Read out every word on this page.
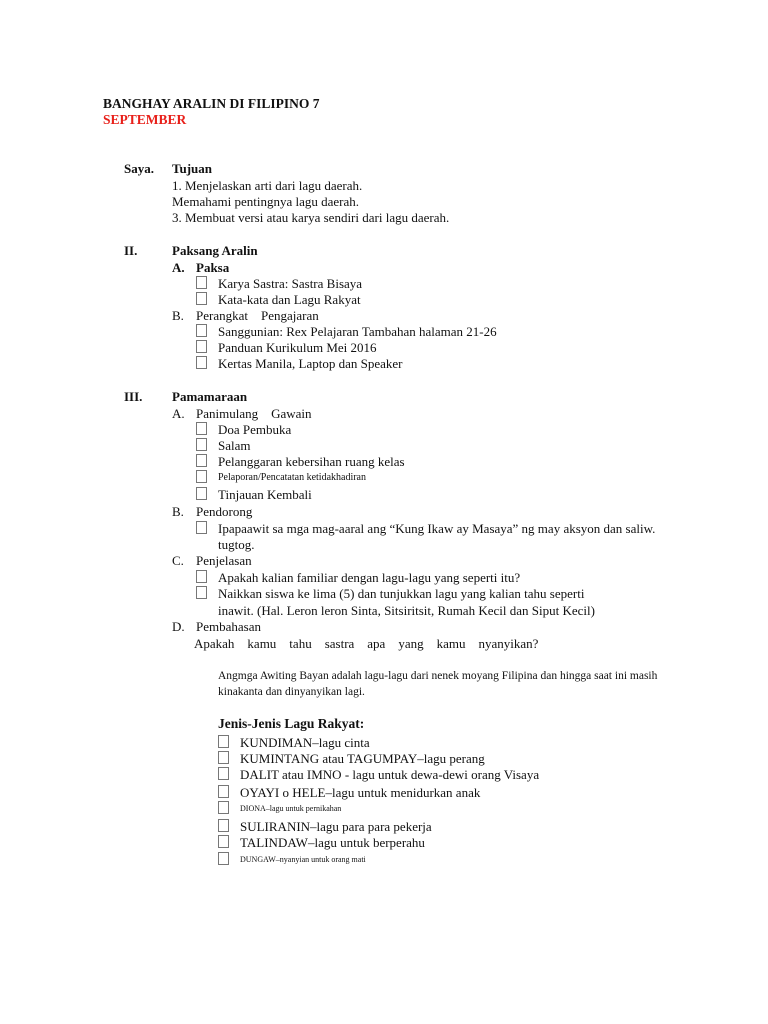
BANGHAY ARALIN DI FILIPINO 7
SEPTEMBER
Saya. Tujuan
1. Menjelaskan arti dari lagu daerah.
Memahami pentingnya lagu daerah.
3. Membuat versi atau karya sendiri dari lagu daerah.
II.	Paksang Aralin
A. Paksa
Karya Sastra: Sastra Bisaya
Kata-kata dan Lagu Rakyat
B. Perangkat    Pengajaran
Sanggunian: Rex Pelajaran Tambahan halaman 21-26
Panduan Kurikulum Mei 2016
Kertas Manila, Laptop dan Speaker
III. Pamamaraan
A. Panimulang    Gawain
Doa Pembuka
Salam
Pelanggaran kebersihan ruang kelas
Pelaporan/Pencatatan ketidakhadiran
Tinjauan Kembali
B. Pendorong
Ipapaawit sa mga mag-aaral ang “Kung Ikaw ay Masaya” ng may aksyon dan saliw.
tugtog.
C. Penjelasan
Apakah kalian familiar dengan lagu-lagu yang seperti itu?
Naikkan siswa ke lima (5) dan tunjukkan lagu yang kalian tahu seperti
inawit. (Hal. Leron leron Sinta, Sitsiritsit, Rumah Kecil dan Siput Kecil)
D. Pembahasan
Apakah    kamu    tahu    sastra    apa    yang    kamu    nyanyikan?
Angmga Awiting Bayan adalah lagu-lagu dari nenek moyang Filipina dan hingga saat ini masih
kinakanta dan dinyanyikan lagi.
Jenis-Jenis Lagu Rakyat:
KUNDIMAN–lagu cinta
KUMINTANG atau TAGUMPAY–lagu perang
DALIT atau IMNO - lagu untuk dewa-dewi orang Visaya
OYAYI o HELE–lagu untuk menidurkan anak
DIONA–lagu untuk pernikahan
SULIRANIN–lagu para para pekerja
TALINDAW–lagu untuk berperahu
DUNGAW–nyanyian untuk orang mati
